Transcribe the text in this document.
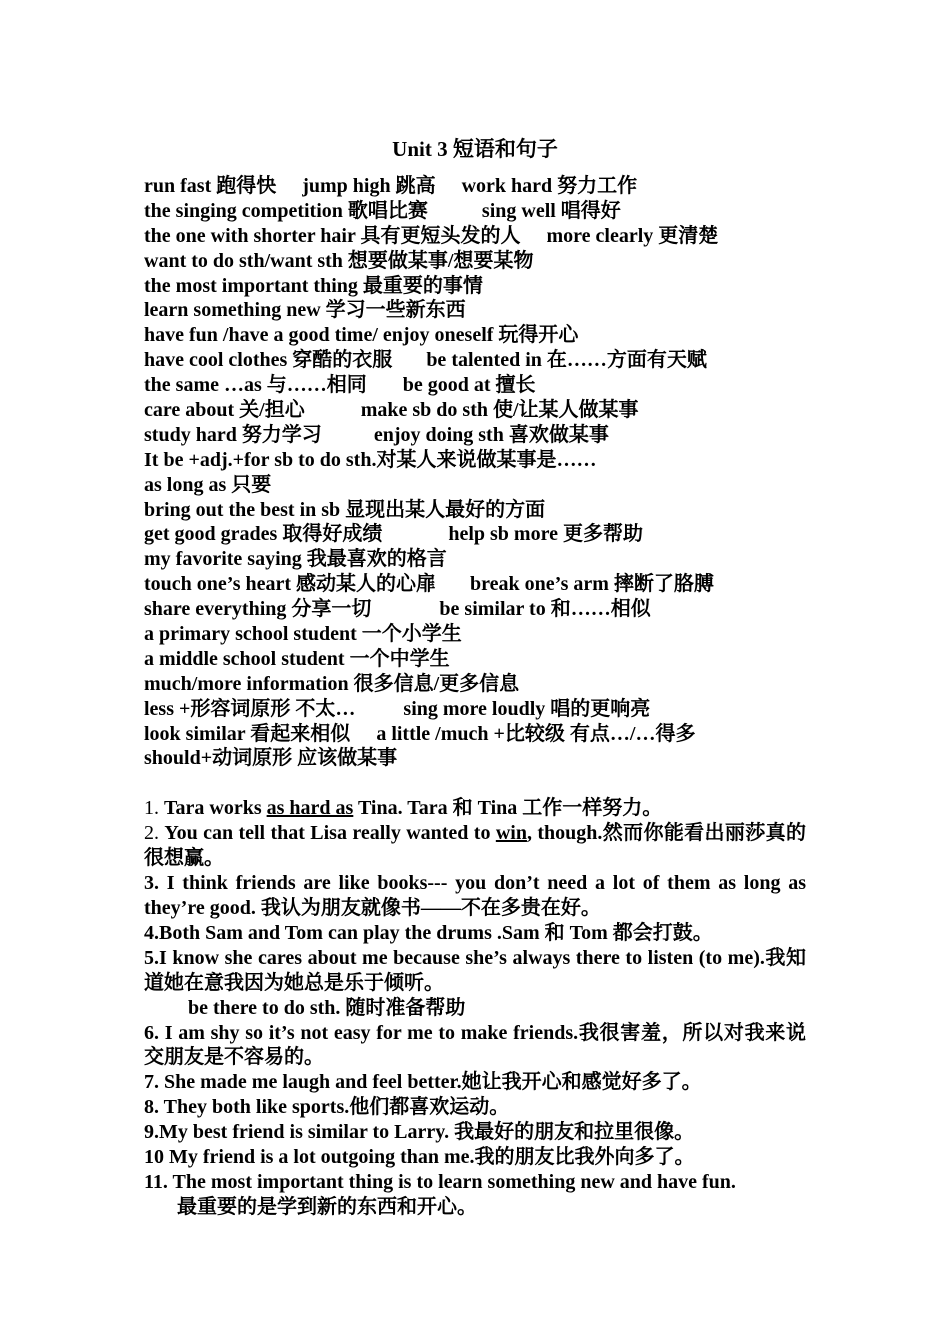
Unit 3 短语和句子
run fast 跑得快 jump high 跳高 work hard 努力工作
the singing competition 歌唱比赛	sing well 唱得好
the one with shorter hair 具有更短头发的人 more clearly 更清楚
want to do sth/want sth 想要做某事/想要某物
the most important thing 最重要的事情
learn something new 学习一些新东西
have fun /have a good time/ enjoy oneself 玩得开心
have cool clothes 穿酷的衣服 be talented in 在……方面有天赋
the same …as 与……相同 be good at 擅长
care about 关/担心	make sb do sth 使/让某人做某事
study hard 努力学习	enjoy doing sth 喜欢做某事
It be +adj.+for sb to do sth.对某人来说做某事是……
as long as 只要
bring out the best in sb 显现出某人最好的方面
get good grades 取得好成绩	help sb more 更多帮助
my favorite saying 我最喜欢的格言
touch one’s heart 感动某人的心扉 break one’s arm 摔断了胳膊
share everything 分享一切	be similar to 和……相似
a primary school student 一个小学生
a middle school student 一个中学生
much/more information 很多信息/更多信息
less +形容词原形 不太… sing more loudly 唱的更响亮
look similar 看起来相似 a little /much +比较级 有点…/…得多
should+动词原形 应该做某事
1. Tara works as hard as Tina. Tara 和 Tina 工作一样努力。
2. You can tell that Lisa really wanted to win, though.然而你能看出丽莎真的很想赢。
3. I think friends are like books--- you don’t need a lot of them as long as they’re good. 我认为朋友就像书——不在多贵在好。
4.Both Sam and Tom can play the drums .Sam 和 Tom 都会打鼓。
5.I know she cares about me because she’s always there to listen (to me).我知道她在意我因为她总是乐于倾听。
be there to do sth. 随时准备帮助
6. I am shy so it’s not easy for me to make friends.我很害羞，所以对我来说交朋友是不容易的。
7. She made me laugh and feel better.她让我开心和感觉好多了。
8. They both like sports.他们都喜欢运动。
9.My best friend is similar to Larry. 我最好的朋友和拉里很像。
10 My friend is a lot outgoing than me.我的朋友比我外向多了。
11. The most important thing is to learn something new and have fun.
最重要的是学到新的东西和开心。
